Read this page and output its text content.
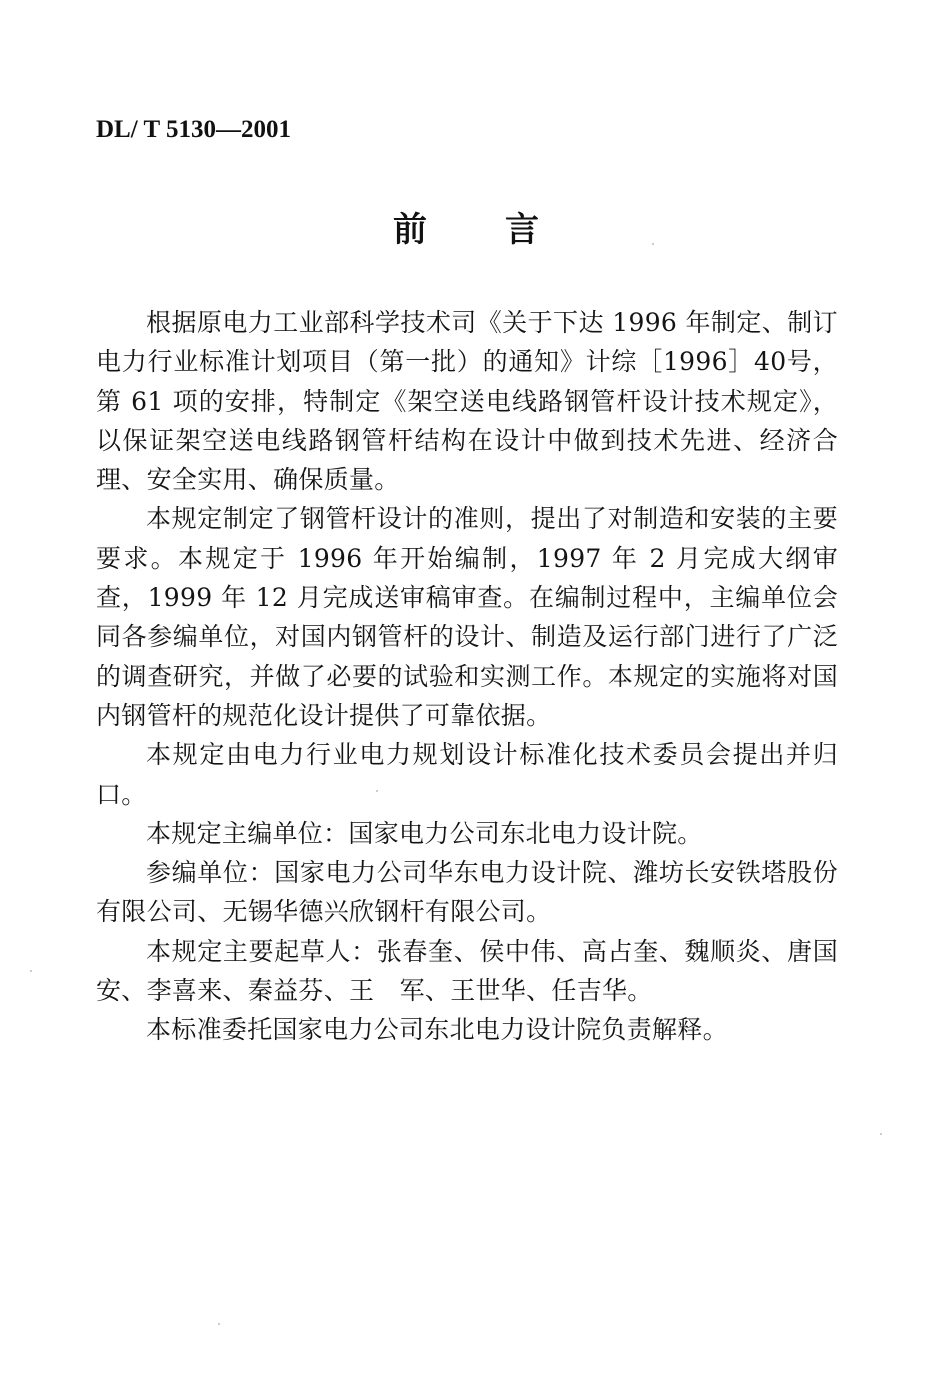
DL/ T 5130—2001
前言

根据原电力工业部科学技术司《关于下达 1996 年制定、制订电力行业标准计划项目（第一批）的通知》计综［1996］40号，第 61 项的安排，特制定《架空送电线路钢管杆设计技术规定》，以保证架空送电线路钢管杆结构在设计中做到技术先进、经济合理、安全实用、确保质量。

本规定制定了钢管杆设计的准则，提出了对制造和安装的主要要求。本规定于 1996 年开始编制，1997 年 2 月完成大纲审查，1999 年 12 月完成送审稿审查。在编制过程中，主编单位会同各参编单位，对国内钢管杆的设计、制造及运行部门进行了广泛的调查研究，并做了必要的试验和实测工作。本规定的实施将对国内钢管杆的规范化设计提供了可靠依据。

本规定由电力行业电力规划设计标准化技术委员会提出并归口。

本规定主编单位：国家电力公司东北电力设计院。

参编单位：国家电力公司华东电力设计院、潍坊长安铁塔股份有限公司、无锡华德兴欣钢杆有限公司。

本规定主要起草人：张春奎、侯中伟、高占奎、魏顺炎、唐国安、李喜来、秦益芬、王　军、王世华、任吉华。

本标准委托国家电力公司东北电力设计院负责解释。
